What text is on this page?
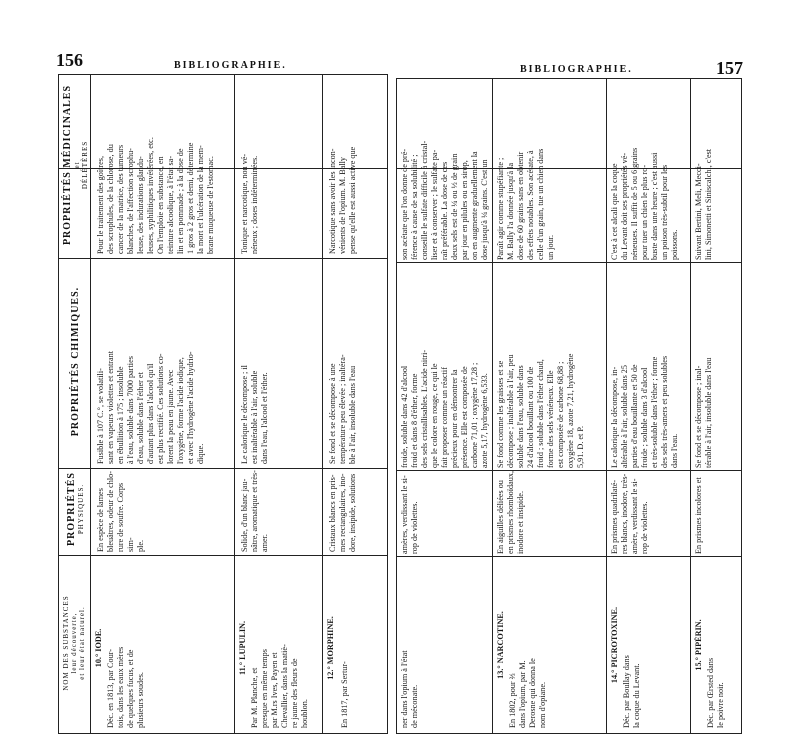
156	BIBLIOGRAPHIE.
NOM DES SUBSTANCES leur découverte, et leur état naturel.
PROPRIÉTÉS PHYSIQUES.
PROPRIÉTÉS CHIMIQUES.
PROPRIÉTÉS MÉDICINALES et DÉLÉTÈRES
10.° IODE.
Déc. en 1813, par Cour-
tois, dans les eaux mères
de quelques fucus, et de
plusieurs soudes.
En espèce de lames
bleuâtres, odeur de chlo-
rure de soufre. Corps sim-
ple.
Fusible à 107 C.°, se volatili-
sant en vapeurs violettes et entrant
en ébullition à 175 ; insoluble
à l'eau, soluble dans 7000 parties
d'eau, soluble dans l'éther et
d'autant plus dans l'alcool qu'il
est plus rectifié. Ces solutions co-
lorent la peau en jaune. Avec
l'oxygène, forme l'acide iodique,
et avec l'hydrogène l'acide hydrio-
dique.
Pour le traitement des goîtres,
des scrophules, de la chlorose, du
cancer de la matrice, des tumeurs
blanches, de l'affection scrophu-
leuse, des indurations glandu-
leuses, syphilitiques invétérées, etc.
On l'emploie en substance, en
teinture alcoolique, à l'état sa-
lin et en pommade ; à la dose de
1 gros à 2 gros et demi, détermine
la mort et l'ulcération de la mem-
brane muqueuse de l'estomac.
11.° LUPULIN.
Par M. Planche, et
presque en même temps
par M.rs Ives, Payen et
Chevallier, dans la matiè-
re jaune des fleurs de
houblon.
Solide, d'un blanc jau-
nâtre, aromatique et très-
amer.
Le calorique le décompose ; il
est inaltérable à l'air, soluble
dans l'eau, l'alcool et l'éther.
Tonique et narcotique, non vé-
néneux ; doses indéterminées.
12.° MORPHINE.
En 1817, par Sertur-
Cristaux blancs en pris-
mes rectangulaires, ino-
dore, insipide, solutions
Se fond et se décompose à une
température peu élevée ; inaltéra-
ble à l'air, insoluble dans l'eau
Narcotique sans avoir les incon-
vénients de l'opium. M. Bally
pense qu'elle est aussi active que
BIBLIOGRAPHIE.	157
ner dans l'opium à l'état
de méconate.
amères, verdissant le si-
rop de violettes.
froide, soluble dans 42 d'alcool
froid et dans 8 d'éther, forme
des sels cristallisables. L'acide nitri-
que le colore en rouge, ce qui le
fait proposer comme un réactif
précieux pour en démontrer la
présence. Elle est composée de
carbone 71,01 ; oxygène 17,28 ;
azote 5,17, hydrogène 6,533.
son acétate que l'on donne de pré-
férence à cause de sa solubilité ;
conseille le sulfate difficile à cristal-
liser et à conserver ; le sulfate pa-
raît préférable. La dose de ces
deux sels est de ¼ ou ½ de grain
par jour en pilules ou en sirop,
on en augmente graduellement la
dose jusqu'à ¼ grains. C'est un

13.° NARCOTINE.
En 1802, pour ⅔
dans l'opium, par M.
Derosne qui donna le
nom d'opiane.
En aiguilles déliées ou
en prismes rhomboïdaux,
inodore et insipide.
Se fond comme les graisses et se
décompose ; inaltérable à l'air, peu
soluble dans l'eau, soluble dans
24 d'alcool bouillant ou 100 de
froid ; soluble dans l'éther chaud,
forme des sels vénéneux. Elle
est composée de carbone 68,88 ;
oxygène 18, azote 7,21, hydrogène
5,91. D. et P.
Paraît agir comme stupéfiante ;
M. Bally l'a donnée jusqu'à la
dose de 60 grains sans en obtenir
des effets notables. Son acétate, à
celle d'un grain, tue un chien dans
un jour.
14.° PICROTOXINE.
Déc. par Boullay dans
la coque du Levant.
En prismes quadrilaté-
res blancs, inodore, très-
amère, verdissant le si-
rop de violettes.
Le calorique la décompose, in-
altérable à l'air, soluble dans 25
parties d'eau bouillante et 50 de
froide ; soluble dans 3 d'alcool
et très-soluble dans l'éther ; forme
des sels très-amers et peu solubles
dans l'eau.
C'est à cet alcali que la coque
du Levant doit ses propriétés vé-
néneuses. Il suffit de 5 ou 6 grains
pour tuer un chien le plus ro-
buste dans une heure ; c'est aussi
un poison très-subtil pour les
poissons.
15.° PIPÉRIN.
Déc. par Œrsted dans
le poivre noir.
En prismes incolores et
Se fond et se décompose ; inal-
térable à l'air, insoluble dans l'eau
Suivant Bertini, Meli, Mecci-
lini, Simonetti et Siniscalchi, c'est
